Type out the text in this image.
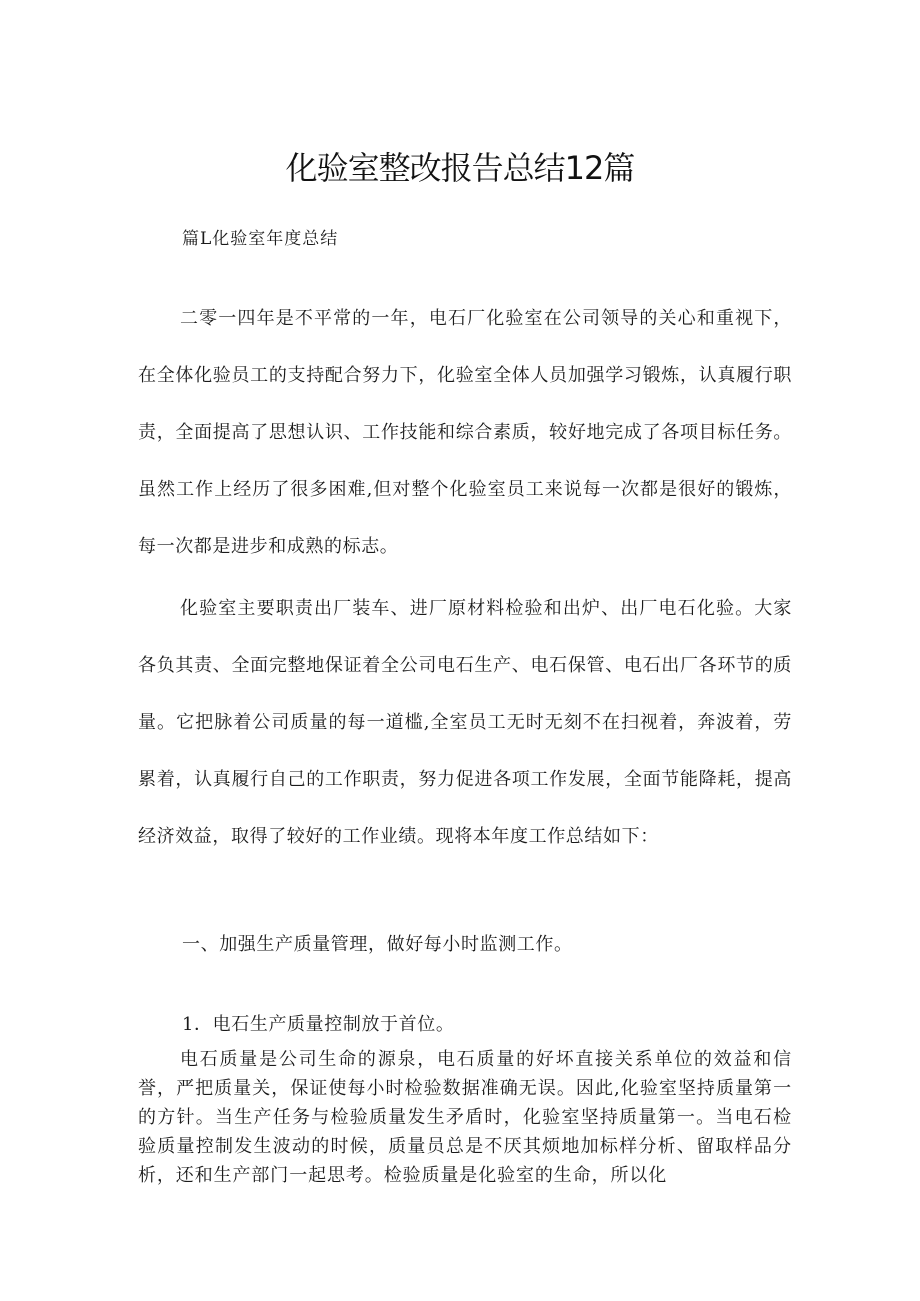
化验室整改报告总结12篇
篇L化验室年度总结

二零一四年是不平常的一年，电石厂化验室在公司领导的关心和重视下，在全体化验员工的支持配合努力下，化验室全体人员加强学习锻炼，认真履行职责，全面提高了思想认识、工作技能和综合素质，较好地完成了各项目标任务。虽然工作上经历了很多困难,但对整个化验室员工来说每一次都是很好的锻炼，每一次都是进步和成熟的标志。

化验室主要职责出厂装车、进厂原材料检验和出炉、出厂电石化验。大家各负其责、全面完整地保证着全公司电石生产、电石保管、电石出厂各环节的质量。它把脉着公司质量的每一道槛,全室员工无时无刻不在扫视着，奔波着，劳累着，认真履行自己的工作职责，努力促进各项工作发展，全面节能降耗，提高经济效益，取得了较好的工作业绩。现将本年度工作总结如下：

一、加强生产质量管理，做好每小时监测工作。
1．电石生产质量控制放于首位。

电石质量是公司生命的源泉，电石质量的好坏直接关系单位的效益和信誉，严把质量关，保证使每小时检验数据准确无误。因此,化验室坚持质量第一的方针。当生产任务与检验质量发生矛盾时，化验室坚持质量第一。当电石检验质量控制发生波动的时候，质量员总是不厌其烦地加标样分析、留取样品分析，还和生产部门一起思考。检验质量是化验室的生命，所以化
